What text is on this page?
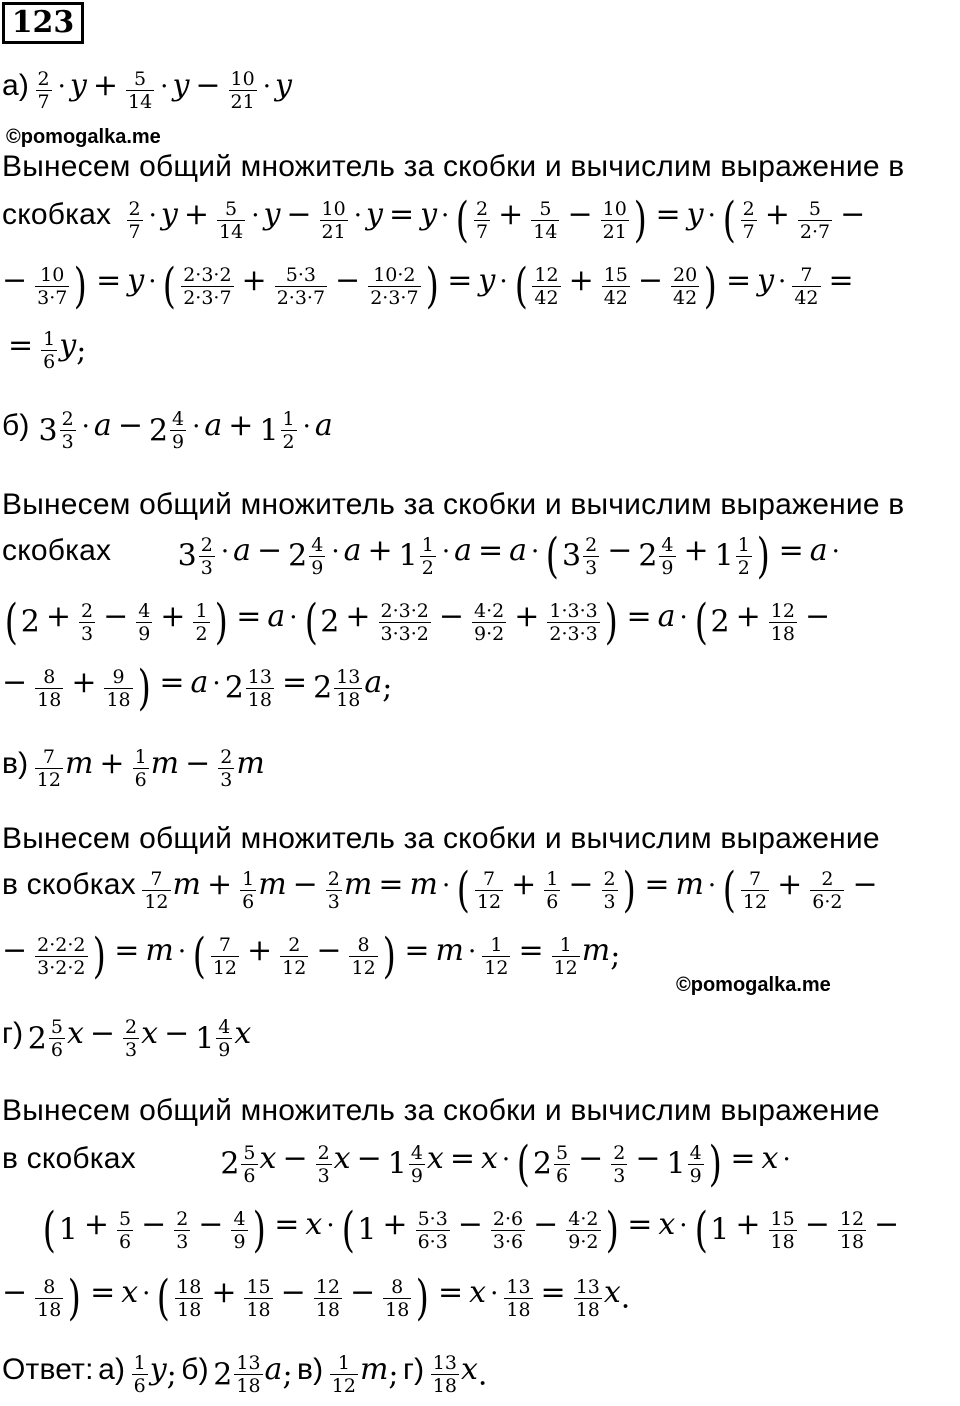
123
$а) \frac{2}{7} \cdot y + \frac{5}{14} \cdot y - \frac{10}{21} \cdot y$
©pomogalka.me
Вынесем общий множитель за скобки и вычислим выражение в
скобках $\frac{2}{7} \cdot y + \frac{5}{14} \cdot y - \frac{10}{21} \cdot y = y$ · ( $\frac{2}{7} + \frac{5}{14} - \frac{10}{21}$ ) = y · ( $\frac{2}{7} + \frac{5}{2\cdot 7}$ −
− $\frac{10}{3\cdot 7}$ ) = y · ( $\frac{2\cdot 3\cdot 2}{2\cdot 3\cdot 7} + \frac{5\cdot 3}{2\cdot 3\cdot 7} - \frac{10\cdot 2}{2\cdot 3\cdot 7}$ ) = y · ( $\frac{12}{42} + \frac{15}{42} - \frac{20}{42}$ ) = $y \cdot \frac{7}{42}$ =
= $\frac{1}{6} y$;
б) $3 \frac{2}{3} \cdot a - 2 \frac{4}{9} \cdot a + 1 \frac{1}{2} \cdot a$
Вынесем общий множитель за скобки и вычислим выражение в
скобках $3 \frac{2}{3} \cdot a - 2 \frac{4}{9} \cdot a + 1 \frac{1}{2} \cdot a = a \cdot (3 \frac{2}{3} - 2 \frac{4}{9} + 1 \frac{1}{2}$ ) = a ·
($2 + \frac{2}{3} - \frac{4}{9} + \frac{1}{2}$ ) = $a \cdot (2 + \frac{2\cdot 3\cdot 2}{3\cdot 3\cdot 2} - \frac{4\cdot 2}{9\cdot 2} + \frac{1\cdot 3\cdot 3}{2\cdot 3\cdot 3}$ ) = $a \cdot (2 + \frac{12}{18}$ −
− $\frac{8}{18} + \frac{9}{18}$ ) = $a \cdot 2 \frac{13}{18} = 2 \frac{13}{18} a$;
$в) \frac{7}{12}$ $m + \frac{1}{6}$ $m - \frac{2}{3}$ m
Вынесем общий множитель за скобки и вычислим выражение
в скобках $\frac{7}{12}$ $m + \frac{1}{6}$ $m - \frac{2}{3}$ m = m · ( $\frac{7}{12} + \frac{1}{6} - \frac{2}{3}$ ) = m · ( $\frac{7}{12} + \frac{2}{6\cdot 2}$ −
− $\frac{2\cdot 2\cdot 2}{3\cdot 2\cdot 2}$ ) = m · ( $\frac{7}{12} + \frac{2}{12} - \frac{8}{12}$ ) = $m \cdot \frac{1}{12} = \frac{1}{12} m$;
©pomogalka.me
г) $2 \frac{5}{6}$ $x - \frac{2}{3}$ $x - 1 \frac{4}{9}$ x
Вынесем общий множитель за скобки и вычислим выражение
в скобках	$2 \frac{5}{6}$ $x - \frac{2}{3}$ $x - 1 \frac{4}{9}$ $x = x \cdot (2 \frac{5}{6} - \frac{2}{3} - 1 \frac{4}{9}$ ) = x ·
($1 + \frac{5}{6} - \frac{2}{3} - \frac{4}{9}$ ) = $x \cdot (1 + \frac{5\cdot 3}{6\cdot 3} - \frac{2\cdot 6}{3\cdot 6} - \frac{4\cdot 2}{9\cdot 2}$ ) = $x \cdot (1 + \frac{15}{18} - \frac{12}{18}$ −
− $\frac{8}{18}$ ) = x · ( $\frac{18}{18} + \frac{15}{18} - \frac{12}{18} - \frac{8}{18}$ ) = $x \cdot \frac{13}{18} = \frac{13}{18} x$.
Ответ: $а) \frac{1}{6} y$; б) $2 \frac{13}{18} a$; $в) \frac{1}{12} m$; $г) \frac{13}{18} x$.
